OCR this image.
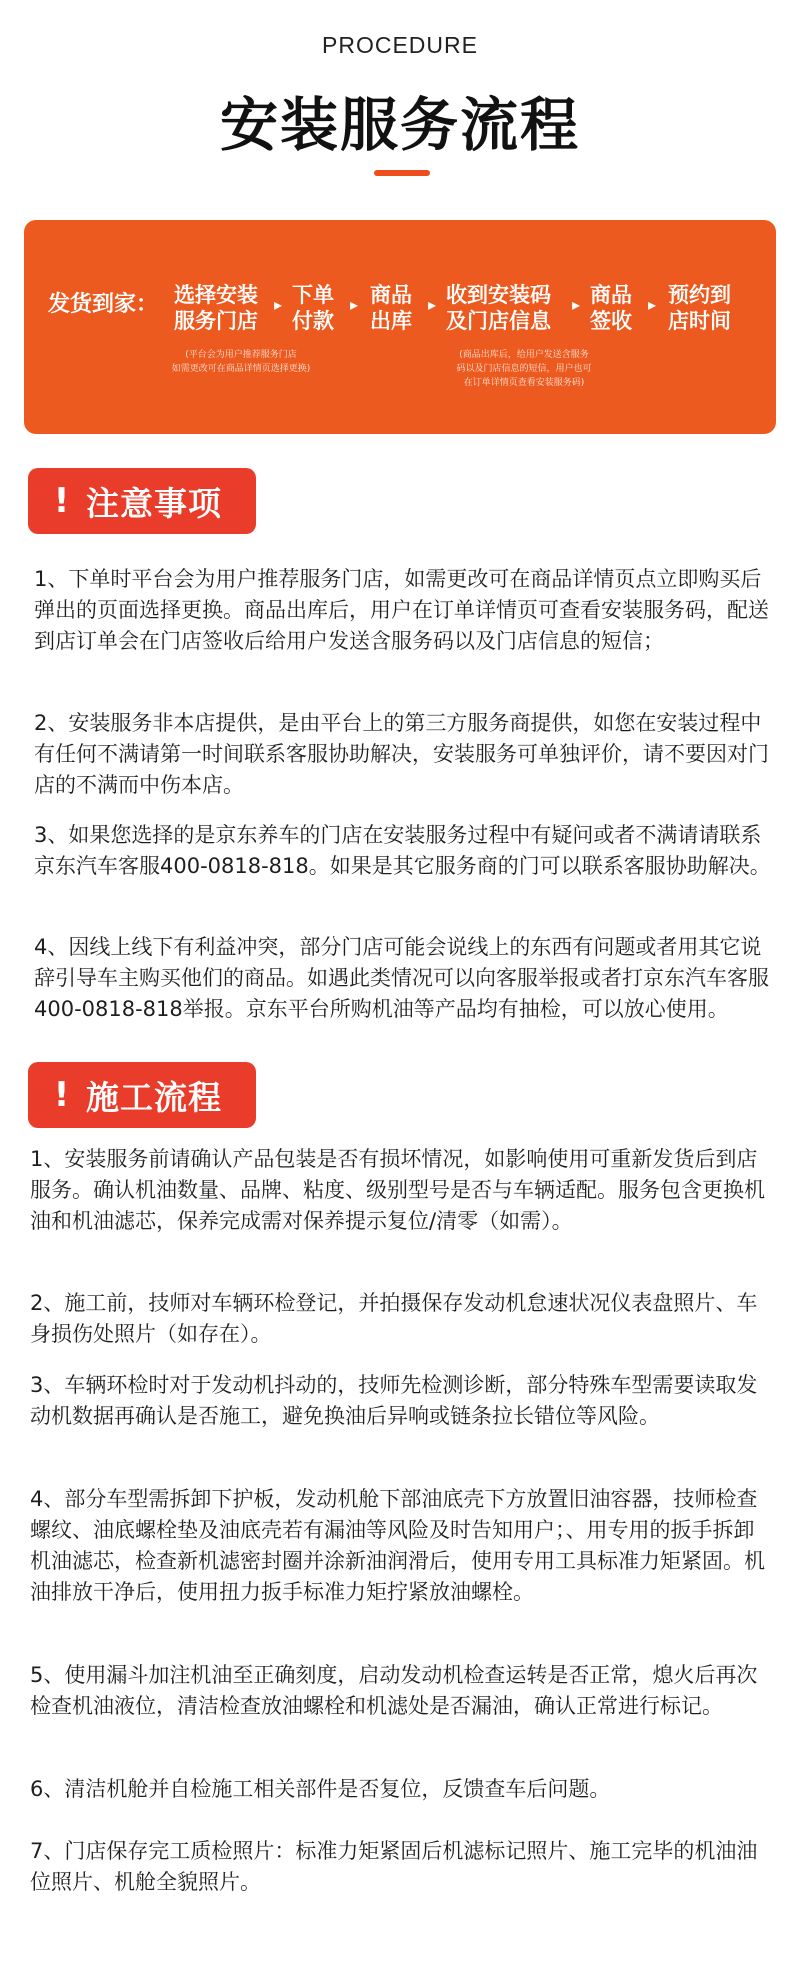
PROCEDURE
安装服务流程
发货到家： 选择安装
服务门店
▸ 下单
付款
▸ 商品
出库
▸ 收到安装码
及门店信息
▸ 商品
签收
▸ 预约到
店时间
(平台会为用户推荐服务门店
如需更改可在商品详情页选择更换)
(商品出库后，给用户发送含服务
码以及门店信息的短信，用户也可
在订单详情页查看安装服务码)
! 注意事项

1、下单时平台会为用户推荐服务门店，如需更改可在商品详情页点立即购买后弹出的页面选择更换。商品出库后，用户在订单详情页可查看安装服务码，配送到店订单会在门店签收后给用户发送含服务码以及门店信息的短信；

2、安装服务非本店提供，是由平台上的第三方服务商提供，如您在安装过程中有任何不满请第一时间联系客服协助解决，安装服务可单独评价，请不要因对门店的不满而中伤本店。

3、如果您选择的是京东养车的门店在安装服务过程中有疑问或者不满请请联系京东汽车客服400-0818-818。如果是其它服务商的门可以联系客服协助解决。

4、因线上线下有利益冲突，部分门店可能会说线上的东西有问题或者用其它说辞引导车主购买他们的商品。如遇此类情况可以向客服举报或者打京东汽车客服400-0818-818举报。京东平台所购机油等产品均有抽检，可以放心使用。

! 施工流程

1、安装服务前请确认产品包装是否有损坏情况，如影响使用可重新发货后到店服务。确认机油数量、品牌、粘度、级别型号是否与车辆适配。服务包含更换机油和机油滤芯，保养完成需对保养提示复位/清零（如需）。

2、施工前，技师对车辆环检登记，并拍摄保存发动机怠速状况仪表盘照片、车身损伤处照片（如存在）。

3、车辆环检时对于发动机抖动的，技师先检测诊断，部分特殊车型需要读取发动机数据再确认是否施工，避免换油后异响或链条拉长错位等风险。

4、部分车型需拆卸下护板，发动机舱下部油底壳下方放置旧油容器，技师检查螺纹、油底螺栓垫及油底壳若有漏油等风险及时告知用户；、用专用的扳手拆卸机油滤芯，检查新机滤密封圈并涂新油润滑后，使用专用工具标准力矩紧固。机油排放干净后，使用扭力扳手标准力矩拧紧放油螺栓。

5、使用漏斗加注机油至正确刻度，启动发动机检查运转是否正常，熄火后再次检查机油液位，清洁检查放油螺栓和机滤处是否漏油，确认正常进行标记。

6、清洁机舱并自检施工相关部件是否复位，反馈查车后问题。

7、门店保存完工质检照片：标准力矩紧固后机滤标记照片、施工完毕的机油油位照片、机舱全貌照片。
